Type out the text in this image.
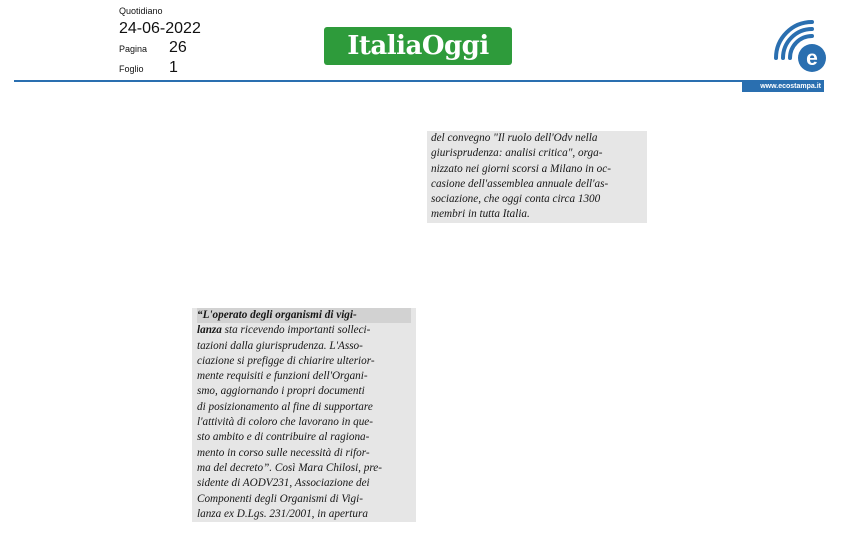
Quotidiano
24-06-2022
Pagina 26
Foglio 1
ItaliaOggi	e
www.ecostampa.it
del convegno "Il ruolo dell'Odv nella
giurisprudenza: analisi critica", orga-
nizzato nei giorni scorsi a Milano in oc-
casione dell'assemblea annuale dell'as-
sociazione, che oggi conta circa 1300
membri in tutta Italia.
“L'operato degli organismi di vigi-
lanza sta ricevendo importanti solleci-
tazioni dalla giurisprudenza. L'Asso-
ciazione si prefigge di chiarire ulterior-
mente requisiti e funzioni dell'Organi-
smo, aggiornando i propri documenti
di posizionamento al fine di supportare
l'attività di coloro che lavorano in que-
sto ambito e di contribuire al ragiona-
mento in corso sulle necessità di rifor-
ma del decreto”. Così Mara Chilosi, pre-
sidente di AODV231, Associazione dei
Componenti degli Organismi di Vigi-
lanza ex D.Lgs. 231/2001, in apertura
